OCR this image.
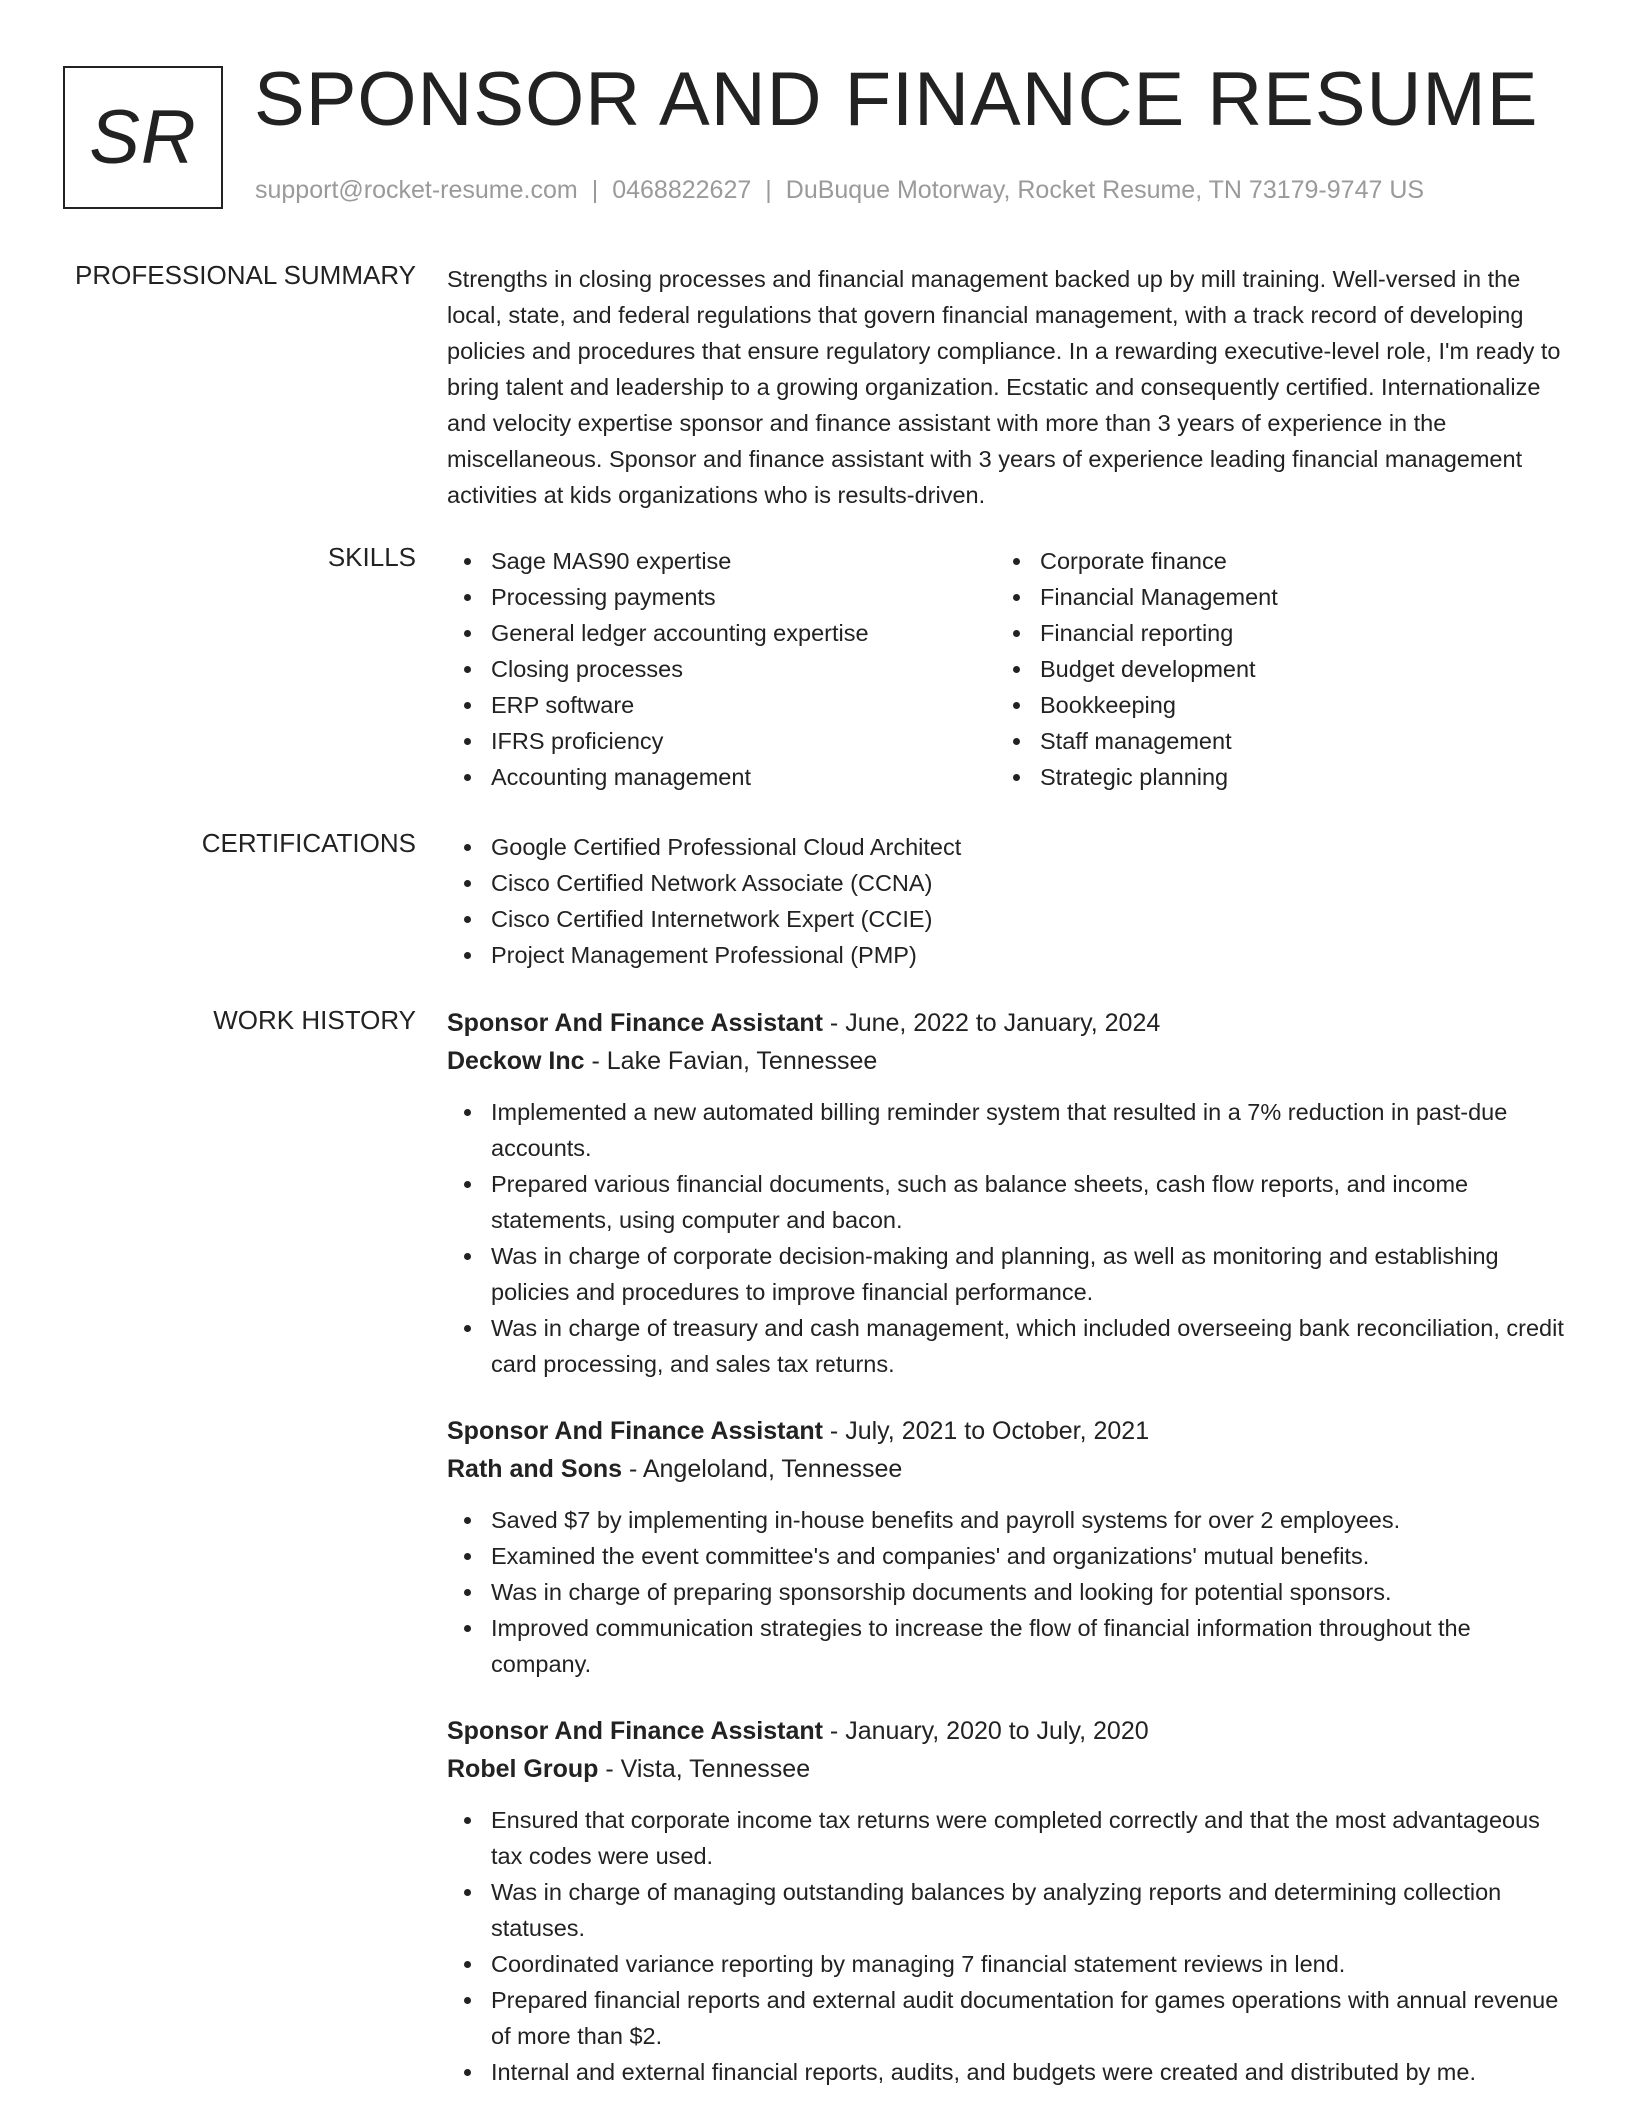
SR SPONSOR AND FINANCE RESUME
support@rocket-resume.com | 0468822627 | DuBuque Motorway, Rocket Resume, TN 73179-9747 US
PROFESSIONAL SUMMARY Strengths in closing processes and financial management backed up by mill training. Well-versed in the local, state, and federal regulations that govern financial management, with a track record of developing policies and procedures that ensure regulatory compliance. In a rewarding executive-level role, I'm ready to bring talent and leadership to a growing organization. Ecstatic and consequently certified. Internationalize and velocity expertise sponsor and finance assistant with more than 3 years of experience in the miscellaneous. Sponsor and finance assistant with 3 years of experience leading financial management activities at kids organizations who is results-driven.
SKILLS	Sage MAS90 expertise
Processing payments
General ledger accounting expertise
Closing processes
ERP software
IFRS proficiency
Accounting management
Corporate finance
Financial Management
Financial reporting
Budget development
Bookkeeping
Staff management
Strategic planning
CERTIFICATIONS	Google Certified Professional Cloud Architect
Cisco Certified Network Associate (CCNA)
Cisco Certified Internetwork Expert (CCIE)
Project Management Professional (PMP)
WORK HISTORY Sponsor And Finance Assistant - June, 2022 to January, 2024
Deckow Inc - Lake Favian, Tennessee
Implemented a new automated billing reminder system that resulted in a 7% reduction in past-due accounts.
Prepared various financial documents, such as balance sheets, cash flow reports, and income statements, using computer and bacon.
Was in charge of corporate decision-making and planning, as well as monitoring and establishing policies and procedures to improve financial performance.
Was in charge of treasury and cash management, which included overseeing bank reconciliation, credit card processing, and sales tax returns.
Sponsor And Finance Assistant - July, 2021 to October, 2021
Rath and Sons - Angeloland, Tennessee
Saved $7 by implementing in-house benefits and payroll systems for over 2 employees.
Examined the event committee's and companies' and organizations' mutual benefits.
Was in charge of preparing sponsorship documents and looking for potential sponsors.
Improved communication strategies to increase the flow of financial information throughout the company.
Sponsor And Finance Assistant - January, 2020 to July, 2020
Robel Group - Vista, Tennessee
Ensured that corporate income tax returns were completed correctly and that the most advantageous tax codes were used.
Was in charge of managing outstanding balances by analyzing reports and determining collection statuses.
Coordinated variance reporting by managing 7 financial statement reviews in lend.
Prepared financial reports and external audit documentation for games operations with annual revenue of more than $2.
Internal and external financial reports, audits, and budgets were created and distributed by me.
